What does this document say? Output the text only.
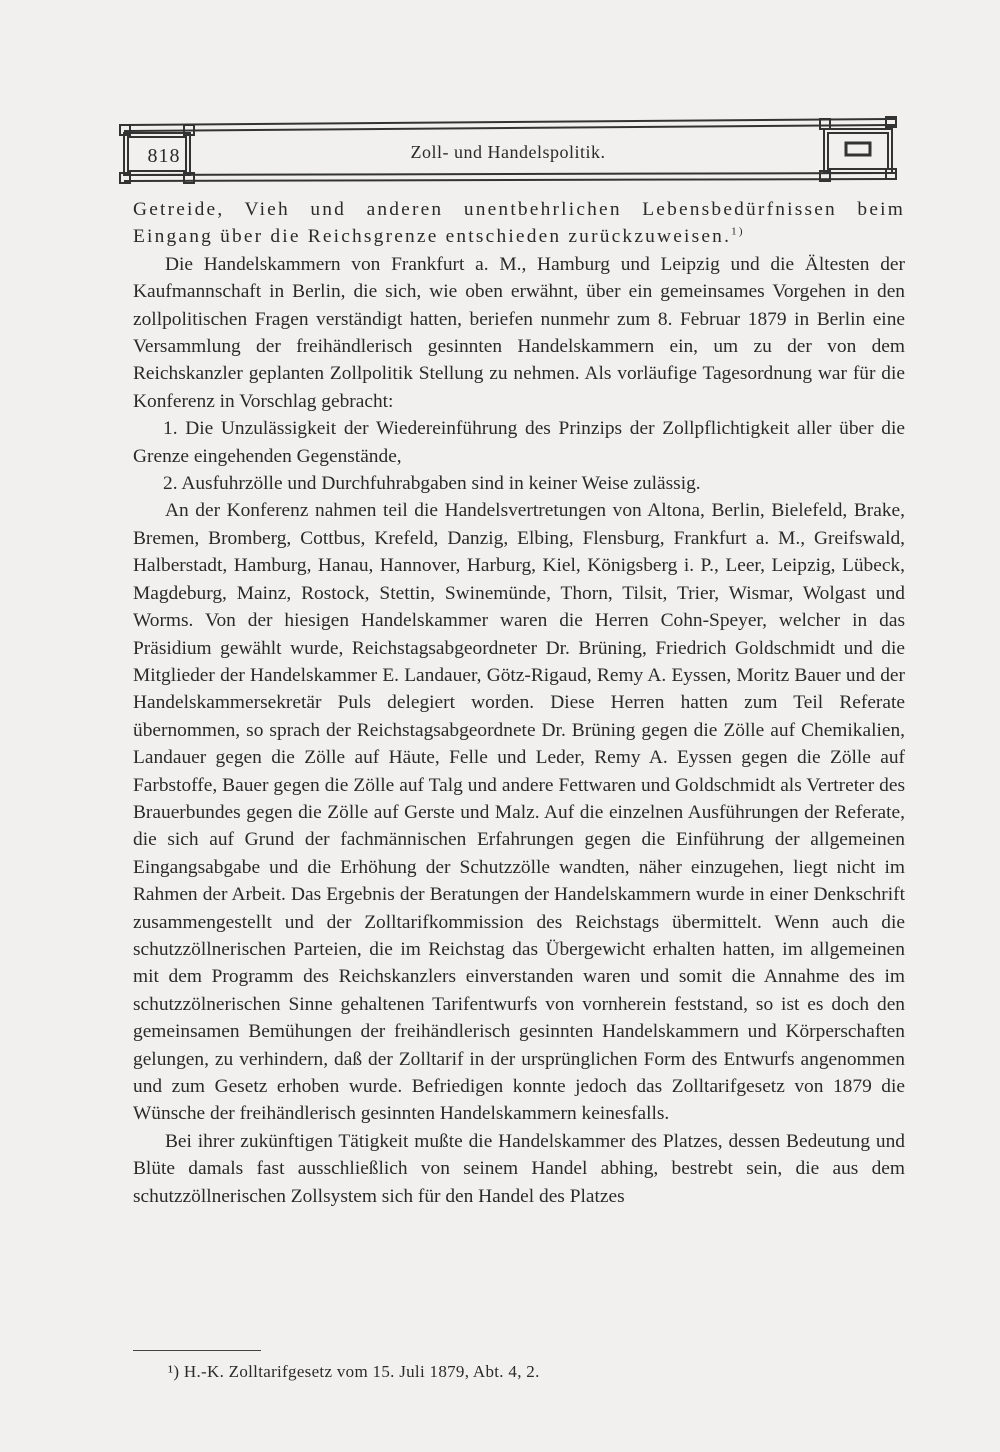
818	Zoll- und Handelspolitik.

Getreide, Vieh und anderen unentbehrlichen Lebensbedürfnissen beim Eingang über die Reichsgrenze entschieden zurückzuweisen.$^{1)}$

Die Handelskammern von Frankfurt a. M., Hamburg und Leipzig und die Ältesten der Kaufmannschaft in Berlin, die sich, wie oben erwähnt, über ein gemeinsames Vorgehen in den zollpolitischen Fragen verständigt hatten, beriefen nunmehr zum 8. Februar 1879 in Berlin eine Versammlung der freihändlerisch gesinnten Handelskammern ein, um zu der von dem Reichskanzler geplanten Zollpolitik Stellung zu nehmen. Als vorläufige Tagesordnung war für die Konferenz in Vorschlag gebracht:

1. Die Unzulässigkeit der Wiedereinführung des Prinzips der Zollpflichtigkeit aller über die Grenze eingehenden Gegenstände,

2. Ausfuhrzölle und Durchfuhrabgaben sind in keiner Weise zulässig.

An der Konferenz nahmen teil die Handelsvertretungen von Altona, Berlin, Bielefeld, Brake, Bremen, Bromberg, Cottbus, Krefeld, Danzig, Elbing, Flensburg, Frankfurt a. M., Greifswald, Halberstadt, Hamburg, Hanau, Hannover, Harburg, Kiel, Königsberg i. P., Leer, Leipzig, Lübeck, Magdeburg, Mainz, Rostock, Stettin, Swinemünde, Thorn, Tilsit, Trier, Wismar, Wolgast und Worms. Von der hiesigen Handelskammer waren die Herren Cohn-Speyer, welcher in das Präsidium gewählt wurde, Reichstagsabgeordneter Dr. Brüning, Friedrich Goldschmidt und die Mitglieder der Handelskammer E. Landauer, Götz-Rigaud, Remy A. Eyssen, Moritz Bauer und der Handelskammersekretär Puls delegiert worden. Diese Herren hatten zum Teil Referate übernommen, so sprach der Reichstagsabgeordnete Dr. Brüning gegen die Zölle auf Chemikalien, Landauer gegen die Zölle auf Häute, Felle und Leder, Remy A. Eyssen gegen die Zölle auf Farbstoffe, Bauer gegen die Zölle auf Talg und andere Fettwaren und Goldschmidt als Vertreter des Brauerbundes gegen die Zölle auf Gerste und Malz. Auf die einzelnen Ausführungen der Referate, die sich auf Grund der fachmännischen Erfahrungen gegen die Einführung der allgemeinen Eingangsabgabe und die Erhöhung der Schutzzölle wandten, näher einzugehen, liegt nicht im Rahmen der Arbeit. Das Ergebnis der Beratungen der Handelskammern wurde in einer Denkschrift zusammengestellt und der Zolltarifkommission des Reichstags übermittelt. Wenn auch die schutzzöllnerischen Parteien, die im Reichstag das Übergewicht erhalten hatten, im allgemeinen mit dem Programm des Reichskanzlers einverstanden waren und somit die Annahme des im schutzzölnerischen Sinne gehaltenen Tarifentwurfs von vornherein feststand, so ist es doch den gemeinsamen Bemühungen der freihändlerisch gesinnten Handelskammern und Körperschaften gelungen, zu verhindern, daß der Zolltarif in der ursprünglichen Form des Entwurfs angenommen und zum Gesetz erhoben wurde. Befriedigen konnte jedoch das Zolltarifgesetz von 1879 die Wünsche der freihändlerisch gesinnten Handelskammern keinesfalls.

Bei ihrer zukünftigen Tätigkeit mußte die Handelskammer des Platzes, dessen Bedeutung und Blüte damals fast ausschließlich von seinem Handel abhing, bestrebt sein, die aus dem schutzzöllnerischen Zollsystem sich für den Handel des Platzes

¹) H.-K. Zolltarifgesetz vom 15. Juli 1879, Abt. 4, 2.
